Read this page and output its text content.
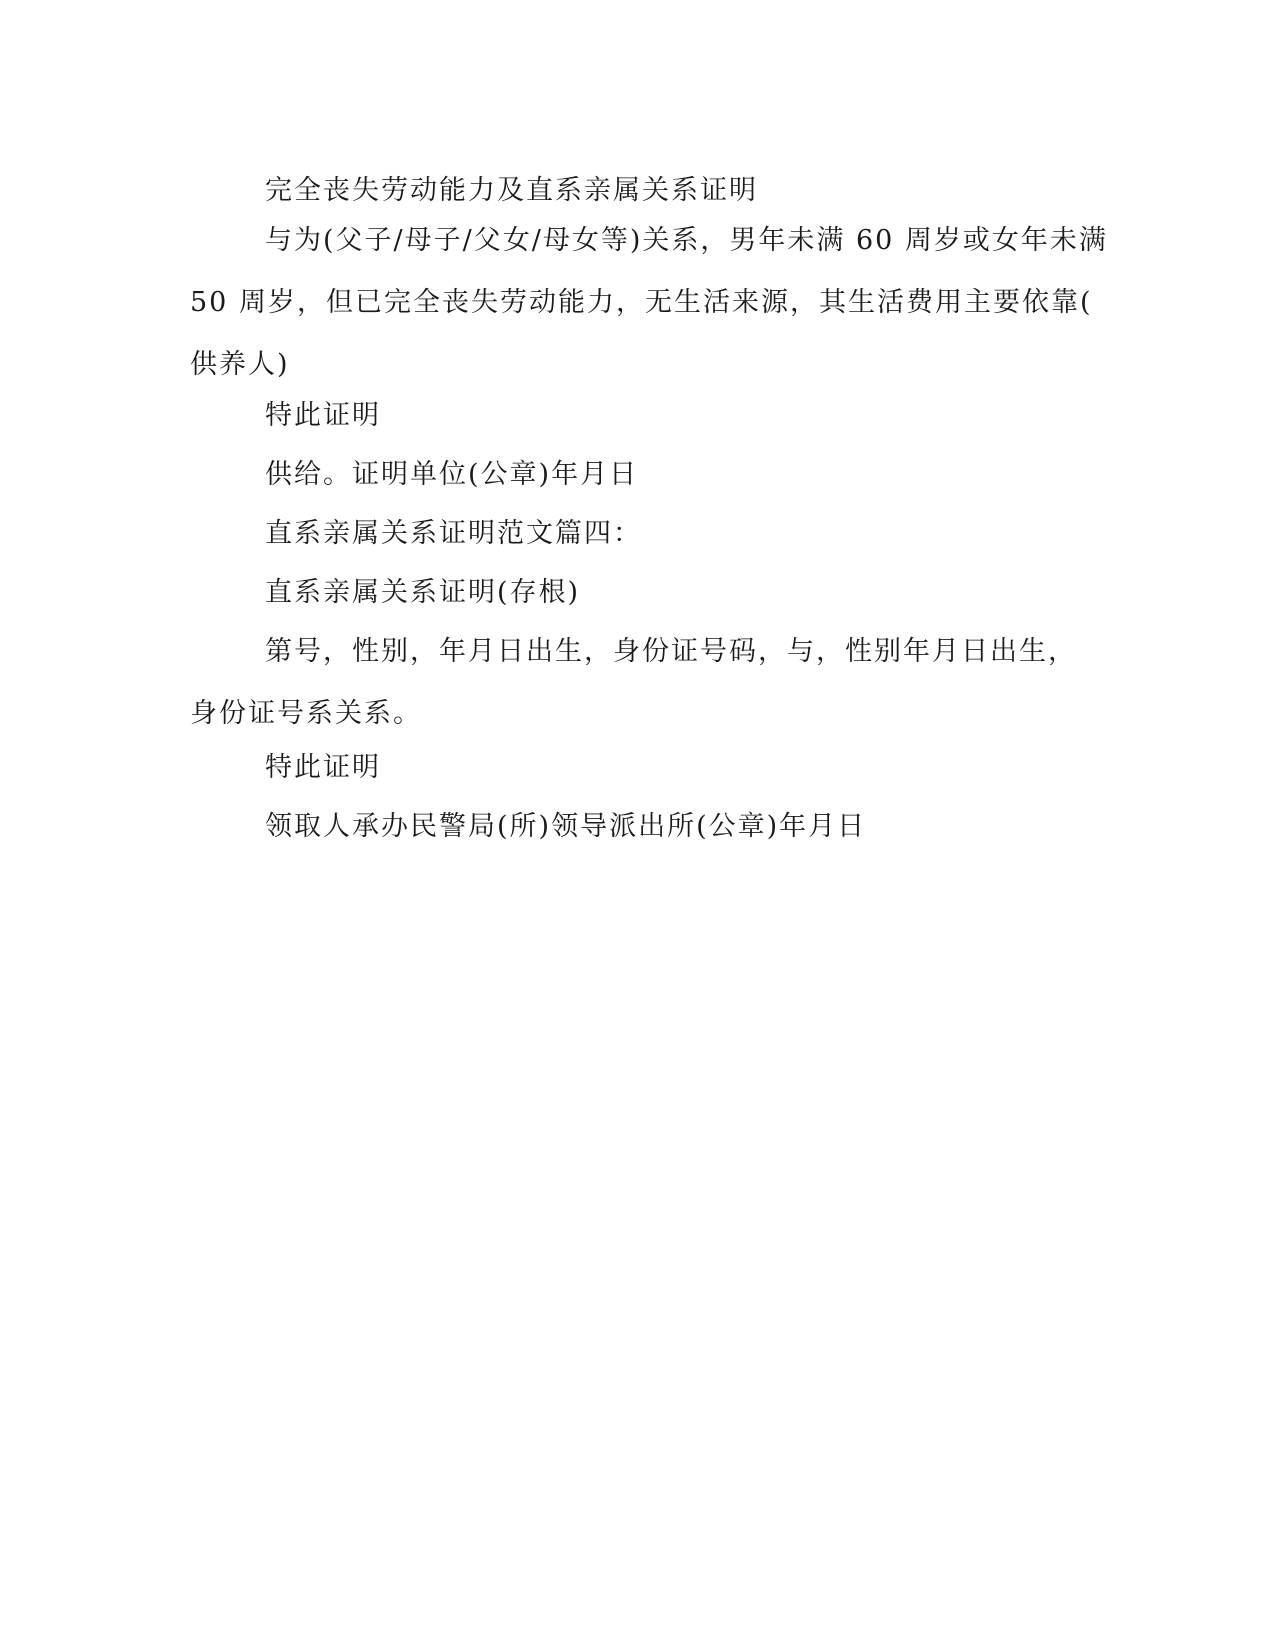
完全丧失劳动能力及直系亲属关系证明
与为(父子/母子/父女/母女等)关系，男年未满 60 周岁或女年未满
50 周岁，但已完全丧失劳动能力，无生活来源，其生活费用主要依靠(
供养人)
特此证明
供给。证明单位(公章)年月日
直系亲属关系证明范文篇四：
直系亲属关系证明(存根)
第号，性别，年月日出生，身份证号码，与，性别年月日出生，
身份证号系关系。
特此证明
领取人承办民警局(所)领导派出所(公章)年月日
